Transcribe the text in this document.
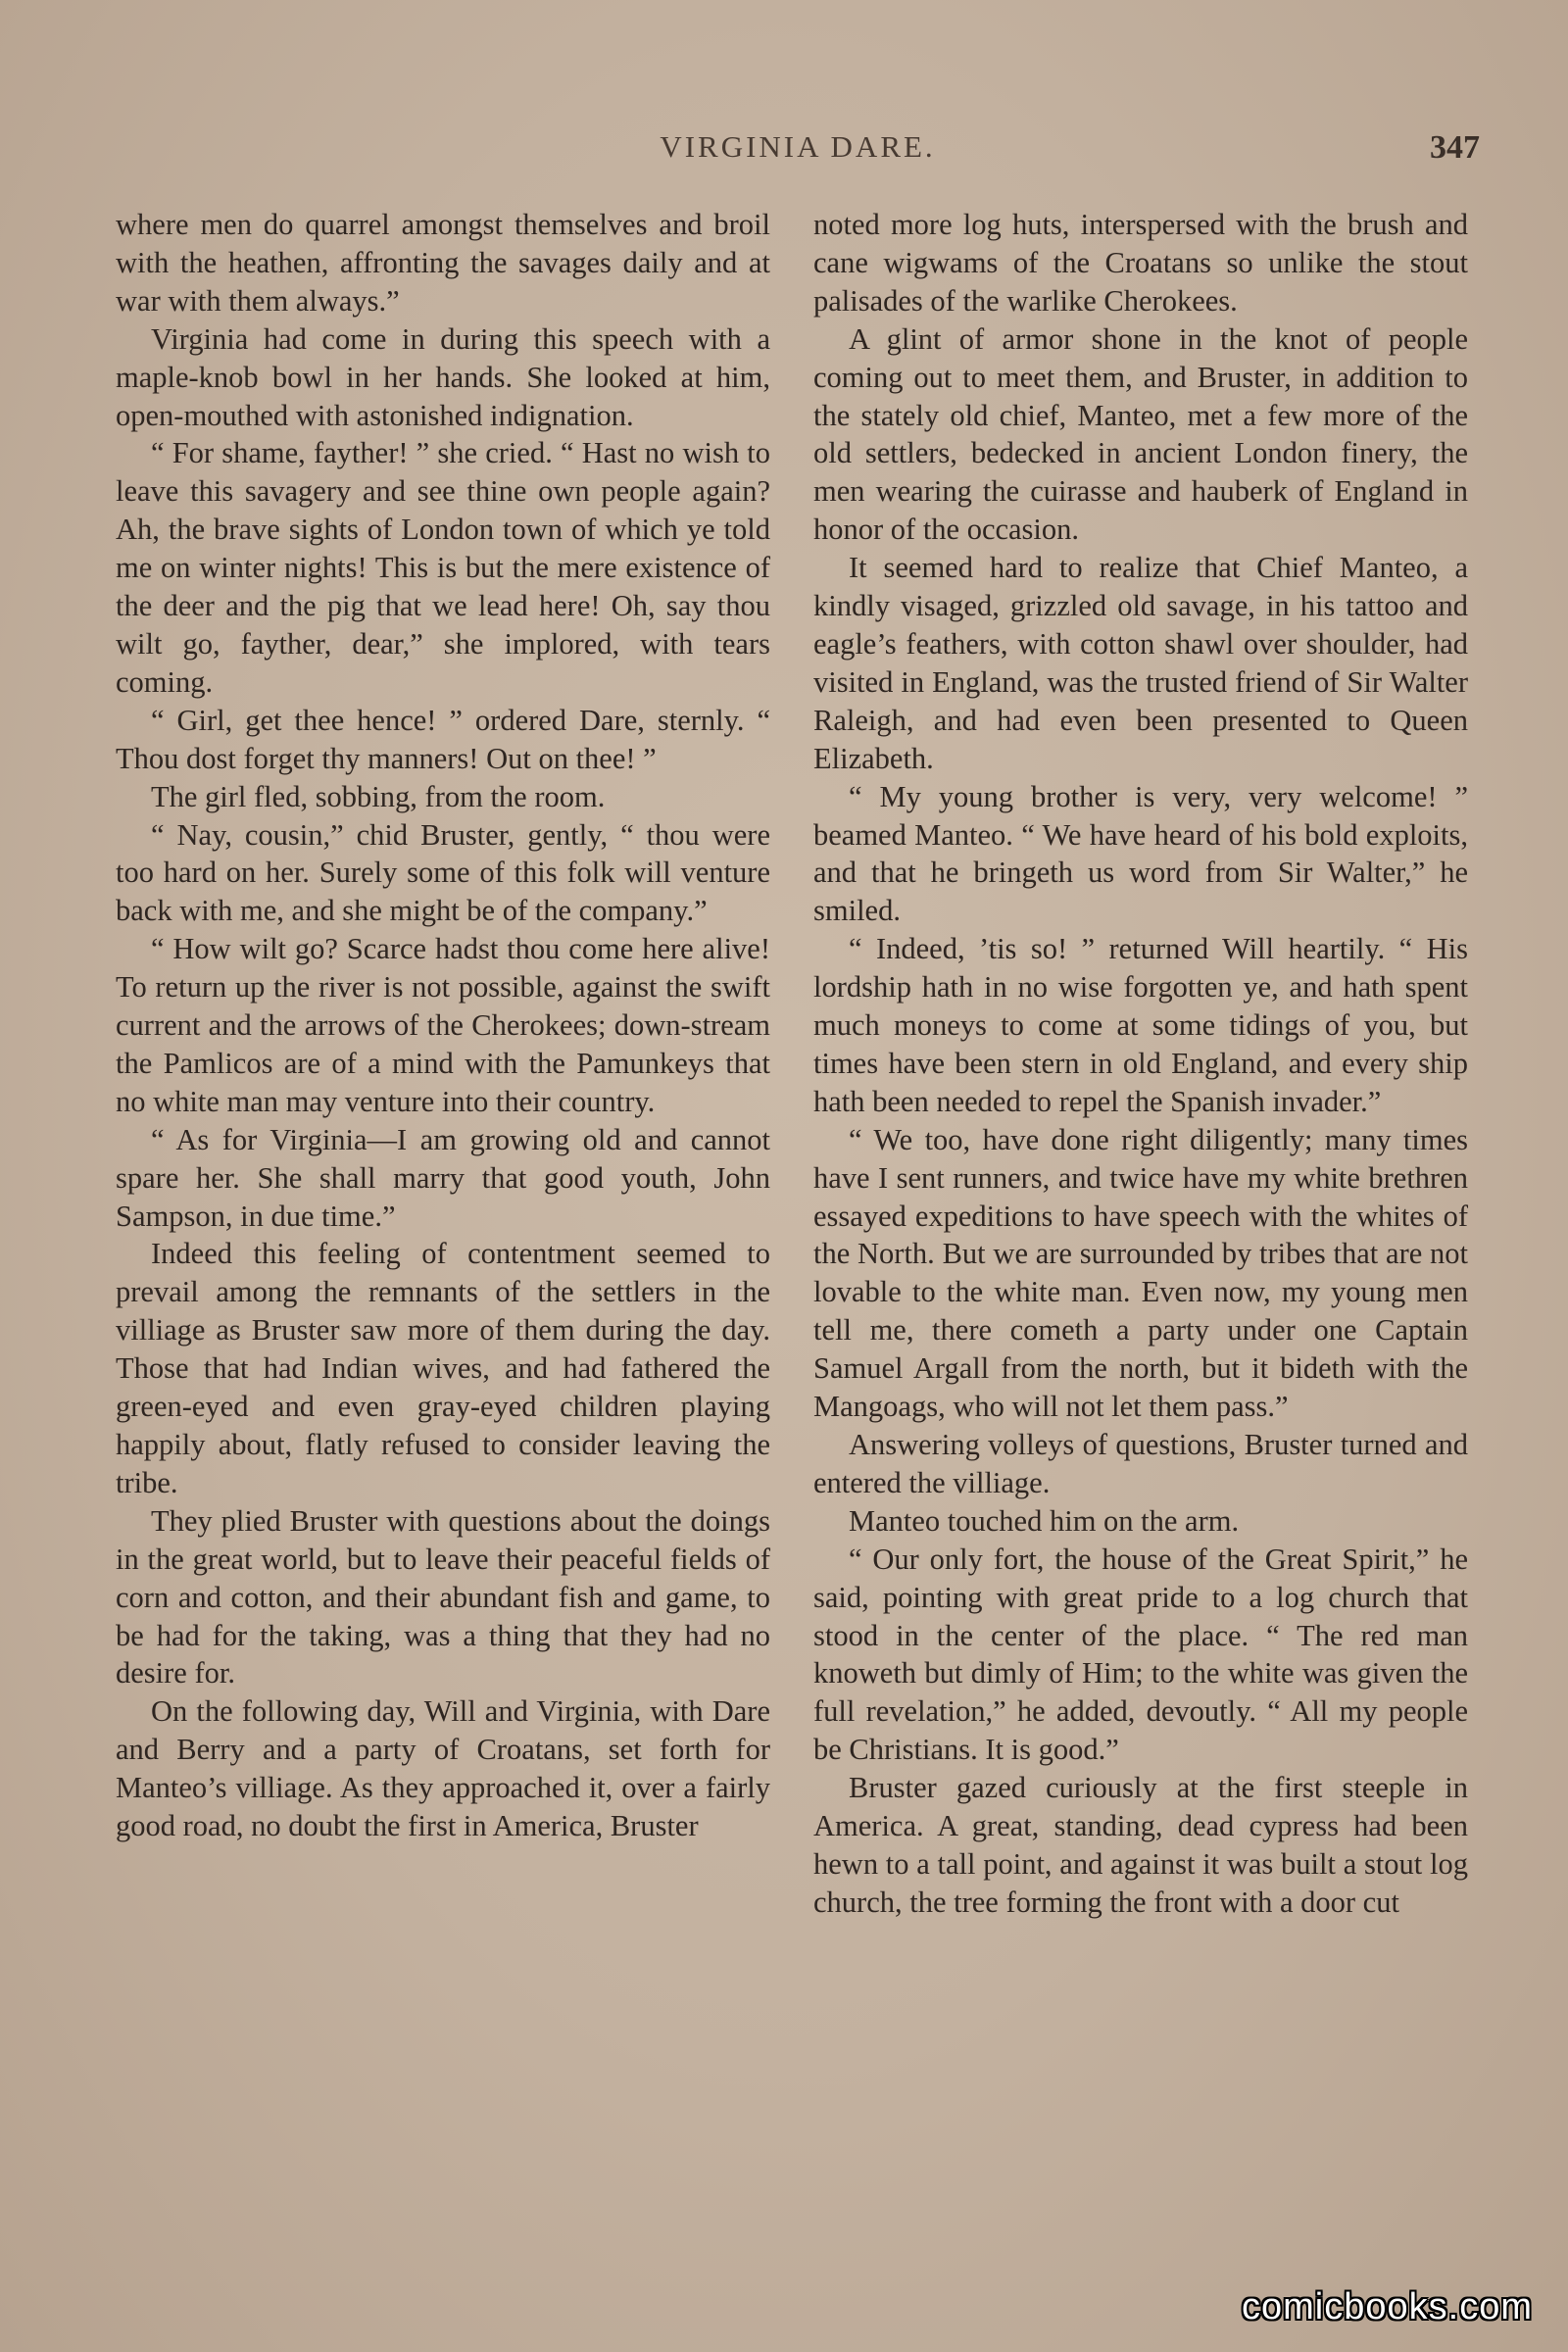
VIRGINIA DARE.	347

where men do quarrel amongst themselves and broil with the heathen, affronting the savages daily and at war with them always.”

Virginia had come in during this speech with a maple-knob bowl in her hands. She looked at him, open-mouthed with astonished indignation.

“ For shame, fayther! ” she cried. “ Hast no wish to leave this savagery and see thine own people again? Ah, the brave sights of London town of which ye told me on winter nights! This is but the mere existence of the deer and the pig that we lead here! Oh, say thou wilt go, fayther, dear,” she implored, with tears coming.

“ Girl, get thee hence! ” ordered Dare, sternly. “ Thou dost forget thy manners! Out on thee! ”

The girl fled, sobbing, from the room.

“ Nay, cousin,” chid Bruster, gently, “ thou were too hard on her. Surely some of this folk will venture back with me, and she might be of the company.”

“ How wilt go? Scarce hadst thou come here alive! To return up the river is not possible, against the swift current and the arrows of the Cherokees; down-stream the Pamlicos are of a mind with the Pamunkeys that no white man may venture into their country.

“ As for Virginia—I am growing old and cannot spare her. She shall marry that good youth, John Sampson, in due time.”

Indeed this feeling of contentment seemed to prevail among the remnants of the settlers in the villiage as Bruster saw more of them during the day. Those that had Indian wives, and had fathered the green-eyed and even gray-eyed children playing happily about, flatly refused to consider leaving the tribe.

They plied Bruster with questions about the doings in the great world, but to leave their peaceful fields of corn and cotton, and their abundant fish and game, to be had for the taking, was a thing that they had no desire for.

On the following day, Will and Virginia, with Dare and Berry and a party of Croatans, set forth for Manteo’s villiage. As they approached it, over a fairly good road, no doubt the first in America, Bruster

noted more log huts, interspersed with the brush and cane wigwams of the Croatans so unlike the stout palisades of the warlike Cherokees.

A glint of armor shone in the knot of people coming out to meet them, and Bruster, in addition to the stately old chief, Manteo, met a few more of the old settlers, bedecked in ancient London finery, the men wearing the cuirasse and hauberk of England in honor of the occasion.

It seemed hard to realize that Chief Manteo, a kindly visaged, grizzled old savage, in his tattoo and eagle’s feathers, with cotton shawl over shoulder, had visited in England, was the trusted friend of Sir Walter Raleigh, and had even been presented to Queen Elizabeth.

“ My young brother is very, very welcome! ” beamed Manteo. “ We have heard of his bold exploits, and that he bringeth us word from Sir Walter,” he smiled.

“ Indeed, ’tis so! ” returned Will heartily. “ His lordship hath in no wise forgotten ye, and hath spent much moneys to come at some tidings of you, but times have been stern in old England, and every ship hath been needed to repel the Spanish invader.”

“ We too, have done right diligently; many times have I sent runners, and twice have my white brethren essayed expeditions to have speech with the whites of the North. But we are surrounded by tribes that are not lovable to the white man. Even now, my young men tell me, there cometh a party under one Captain Samuel Argall from the north, but it bideth with the Mangoags, who will not let them pass.”

Answering volleys of questions, Bruster turned and entered the villiage.

Manteo touched him on the arm.

“ Our only fort, the house of the Great Spirit,” he said, pointing with great pride to a log church that stood in the center of the place. “ The red man knoweth but dimly of Him; to the white was given the full revelation,” he added, devoutly. “ All my people be Christians. It is good.”

Bruster gazed curiously at the first steeple in America. A great, standing, dead cypress had been hewn to a tall point, and against it was built a stout log church, the tree forming the front with a door cut

comicbooks.com
